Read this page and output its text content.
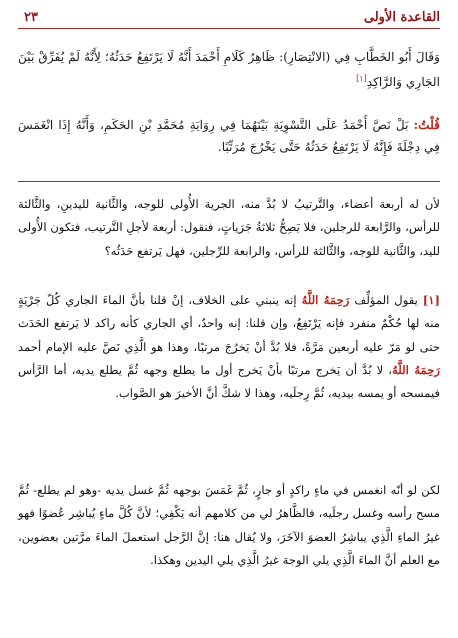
القاعدة الأولى
٢٣
وَقَالَ أَبُو الخَطَّابِ فِي (الانْتِصَارِ): ظَاهِرُ كَلَامِ أَحْمَدَ أَنَّهُ لَا يَرْتَفِعُ حَدَثُهُ؛ لِأَنَّهُ لَمْ يُفَرِّقْ بَيْنَ الجَارِي وَالرَّاكِدِ[١]
قُلْتُ: بَلْ نَصَّ أَحْمَدُ عَلَى التَّسْوِيَةِ بَيْنَهُمَا فِي رِوَايَةِ مُحَمَّدِ بْنِ الحَكَمِ، وَأَنَّهُ إِذَا انْغَمَسَ فِي دِجْلَةَ فَإِنَّهُ لَا يَرْتَفِعُ حَدَثُهُ حَتَّى يَخْرُجَ مُرَتِّبًا.
لأن له أربعة أعضاء، والتَّرتيبُ لا بُدَّ منه، الجرية الأُولى للوجه، والثَّانية لليدينِ، والثَّالثة للرأس، والرَّابعة للرجلين، فلا يَصِحُّ ثلاثةُ جَرَياتٍ، فنقول: أربعة لأجلِ التَّرتيب، فتكون الأُولى لليد، والثَّانية للوجه، والثَّالثة للرأس، والرابعة للرِّجلين، فهل يَرتفع حَدَثُه؟
[١] يقول المؤلِّف رَحِمَهُ اللَّهُ إنه ينبني على الخلاف، إنْ قلنا بأنَّ الماءَ الجاري كُلّ جَرْيَةٍ منه لها حُكْمٌ منفرد فإنه يَرْتَفِعُ، وإن قلنا: إنه واحدٌ، أي الجاري كأنه راكد لا يَرتفع الحَدَث حتى لو مَرّ عليه أربعين مَرَّةً، فلا بُدَّ أنْ يَخرُجَ مرتبًا، وهذا هو الَّذِي نَصَّ عليه الإمام أحمد رَحِمَهُ اللَّهُ، لا بُدَّ أن يَخرج مرتبًا بأنْ يَخرج أول ما يطلع وجهه ثُمَّ يطلع يديه، أما الرَّأس فيمسحه أو يمسه بيديه، ثُمَّ رِجلَيه، وهذا لا شكَّ أنَّ الأخيرَ هو الصَّواب.
لكن لو أنّه انغمس في ماءٍ راكدٍ أو جارٍ، ثُمَّ غَمَسَ بوجهه ثُمَّ غسل يديه -وهو لم يطلع- ثُمَّ مسح رأسه وغسل رجلَيه، فالظَّاهرُ لي من كلامهم أنه يَكْفِي؛ لأنَّ كُلَّ ماءٍ يُباشِر عُضوًا فهو غيرُ الماءِ الَّذِي يباشِرُ العضوَ الآخَرَ، ولا يُقال هنا: إنَّ الرَّجل استعملَ الماءَ مرَّتين بعضوين، مع العلم أنَّ الماءَ الَّذِي يلي الوجهَ غيرُ الَّذِي يلي اليدين وهكذا.
